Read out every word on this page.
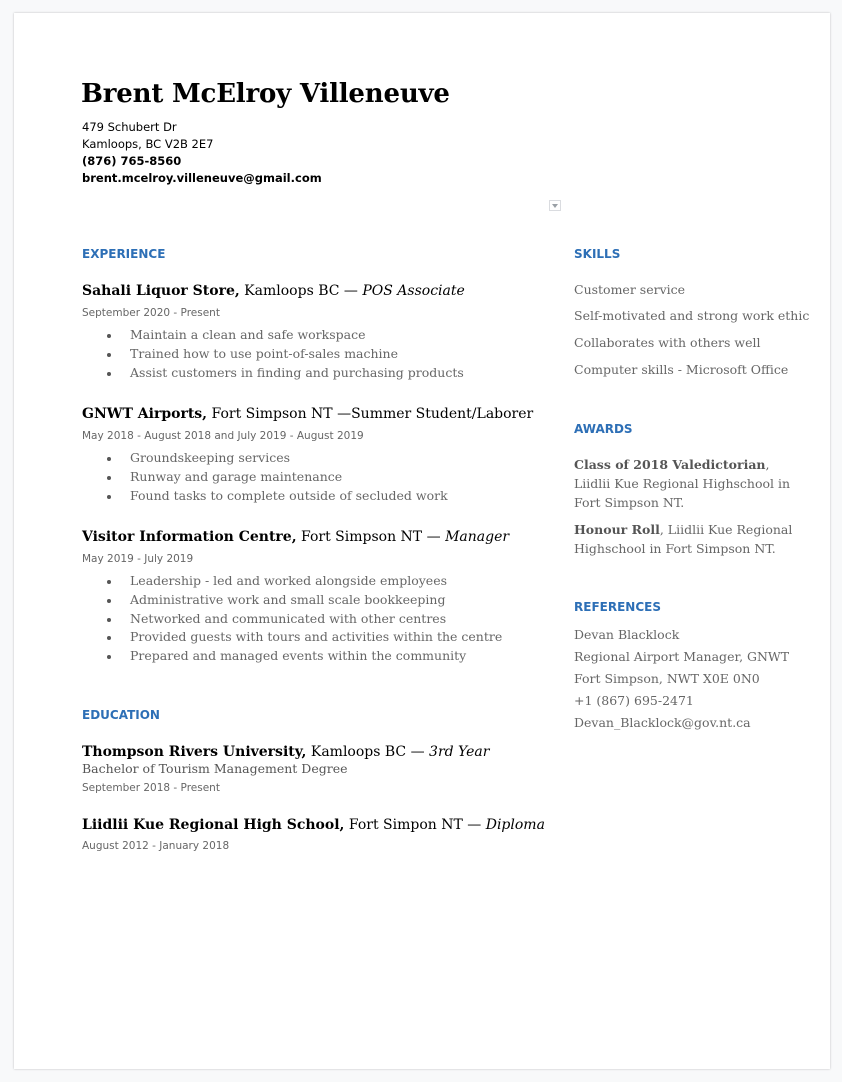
Brent McElroy Villeneuve
479 Schubert Dr
Kamloops, BC V2B 2E7
(876) 765-8560
brent.mcelroy.villeneuve@gmail.com
EXPERIENCE
Sahali Liquor Store, Kamloops BC — POS Associate
September 2020 - Present
Maintain a clean and safe workspace
Trained how to use point-of-sales machine
Assist customers in finding and purchasing products
GNWT Airports, Fort Simpson NT —Summer Student/Laborer
May 2018 - August 2018 and July 2019 - August 2019
Groundskeeping services
Runway and garage maintenance
Found tasks to complete outside of secluded work
Visitor Information Centre, Fort Simpson NT — Manager
May 2019 - July 2019
Leadership - led and worked alongside employees
Administrative work and small scale bookkeeping
Networked and communicated with other centres
Provided guests with tours and activities within the centre
Prepared and managed events within the community
EDUCATION
Thompson Rivers University, Kamloops BC — 3rd Year
Bachelor of Tourism Management Degree
September 2018 - Present
Liidlii Kue Regional High School, Fort Simpon NT — Diploma
August 2012 - January 2018
SKILLS
Customer service
Self-motivated and strong work ethic
Collaborates with others well
Computer skills - Microsoft Office
AWARDS
Class of 2018 Valedictorian, Liidlii Kue Regional Highschool in Fort Simpson NT.
Honour Roll, Liidlii Kue Regional Highschool in Fort Simpson NT.
REFERENCES
Devan Blacklock
Regional Airport Manager, GNWT
Fort Simpson, NWT X0E 0N0
+1 (867) 695-2471
Devan_Blacklock@gov.nt.ca
